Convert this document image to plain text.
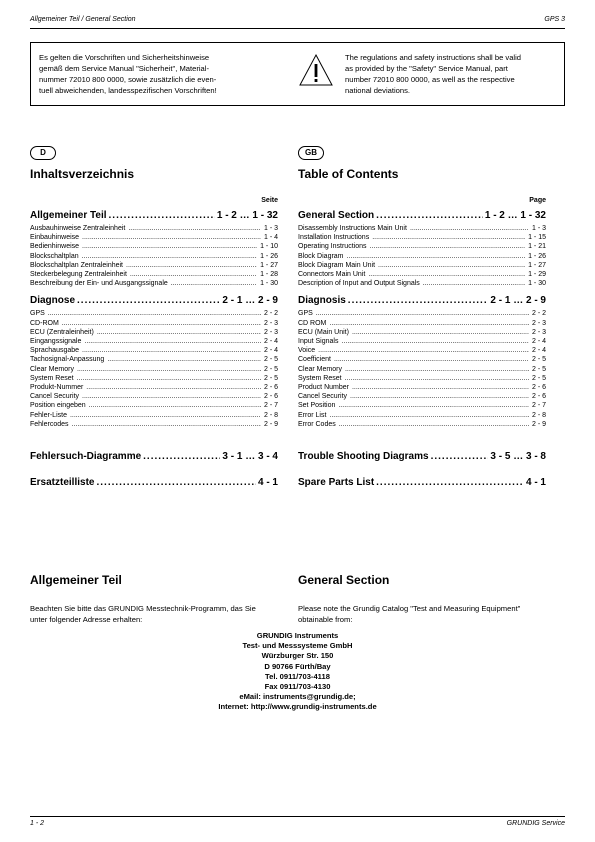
Allgemeiner Teil / General Section	GPS 3
Es gelten die Vorschriften und Sicherheitshinweise
gemäß dem Service Manual "Sicherheit", Material-
nummer 72010 800 0000, sowie zusätzlich die even-
tuell abweichenden, landesspezifischen Vorschriften!
The regulations and safety instructions shall be valid
as provided by the "Safety" Service Manual, part
number 72010 800 0000, as well as the respective
national deviations.
D	GB
Inhaltsverzeichnis	Table of Contents
Seite	Page
Allgemeiner Teil .....	1 - 2 … 1 - 32
Ausbauhinweise Zentraleinheit .....	1 - 3
Einbauhinweise .....	1 - 4
Bedienhinweise .....	1 - 10
Blockschaltplan .....	1 - 26
Blockschaltplan Zentraleinheit .....	1 - 27
Steckerbelegung Zentraleinheit .....	1 - 28
Beschreibung der Ein- und Ausgangssignale .....	1 - 30
Diagnose .....	2 - 1 … 2 - 9
GPS .....	2 - 2
CD-ROM .....	2 - 3
ECU (Zentraleinheit) .....	2 - 3
Eingangssignale .....	2 - 4
Sprachausgabe .....	2 - 4
Tachosignal-Anpassung .....	2 - 5
Clear Memory .....	2 - 5
System Reset .....	2 - 5
Produkt-Nummer .....	2 - 6
Cancel Security .....	2 - 6
Position eingeben .....	2 - 7
Fehler-Liste .....	2 - 8
Fehlercodes .....	2 - 9
Fehlersuch-Diagramme .....	3 - 1 … 3 - 4
Ersatzteilliste .....	4 - 1
General Section .....	1 - 2 … 1 - 32
Disassembly Instructions Main Unit .....	1 - 3
Installation Instructions .....	1 - 15
Operating Instructions .....	1 - 21
Block Diagram .....	1 - 26
Block Diagram Main Unit .....	1 - 27
Connectors Main Unit .....	1 - 29
Description of Input and Output Signals .....	1 - 30
Diagnosis .....	2 - 1 … 2 - 9
GPS .....	2 - 2
CD ROM .....	2 - 3
ECU (Main Unit) .....	2 - 3
Input Signals .....	2 - 4
Voice .....	2 - 4
Coefficient .....	2 - 5
Clear Memory .....	2 - 5
System Reset .....	2 - 5
Product Number .....	2 - 6
Cancel Security .....	2 - 6
Set Position .....	2 - 7
Error List .....	2 - 8
Error Codes .....	2 - 9
Trouble Shooting Diagrams .....	3 - 5 … 3 - 8
Spare Parts List .....	4 - 1
Allgemeiner Teil	General Section
Beachten Sie bitte das GRUNDIG Messtechnik-Programm, das Sie
unter folgender Adresse erhalten:
Please note the Grundig Catalog "Test and Measuring Equipment"
obtainable from:
GRUNDIG Instruments
Test- und Messsysteme GmbH
Würzburger Str. 150
D 90766 Fürth/Bay
Tel. 0911/703-4118
Fax 0911/703-4130
eMail: instruments@grundig.de;
Internet: http://www.grundig-instruments.de
1 - 2	GRUNDIG Service
